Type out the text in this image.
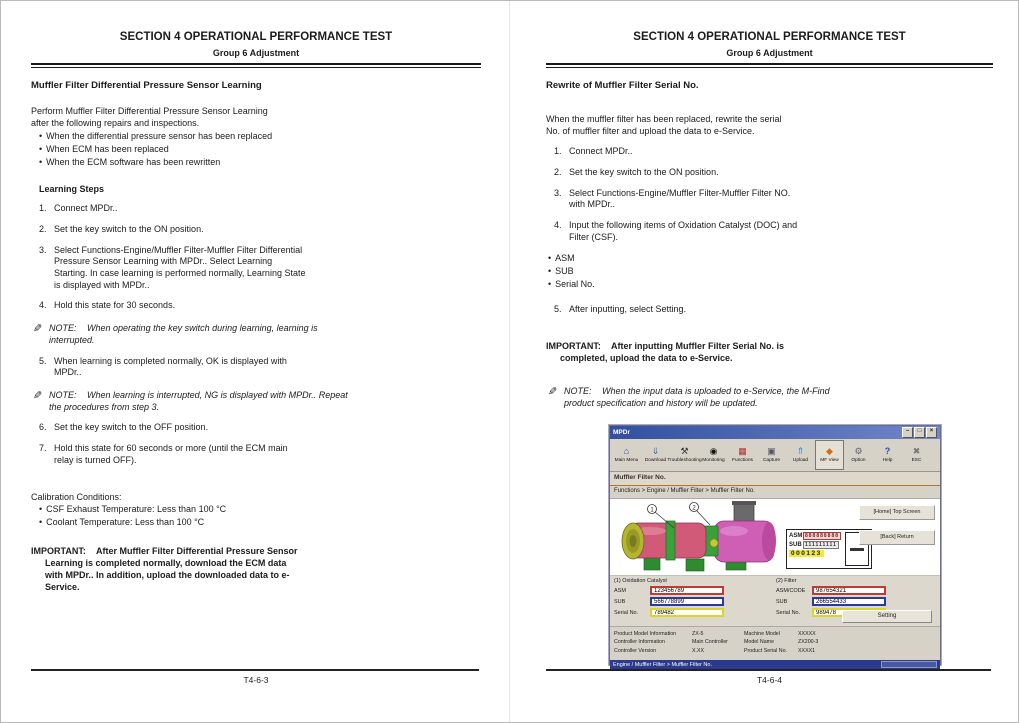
SECTION 4 OPERATIONAL PERFORMANCE TEST
Group 6 Adjustment
Muffler Filter Differential Pressure Sensor Learning
Perform Muffler Filter Differential Pressure Sensor Learning after the following repairs and inspections.
• When the differential pressure sensor has been replaced
• When ECM has been replaced
• When the ECM software has been rewritten
Learning Steps
1. Connect MPDr..
2. Set the key switch to the ON position.
3. Select Functions-Engine/Muffler Filter-Muffler Filter Differential Pressure Sensor Learning with MPDr.. Select Learning Starting. In case learning is performed normally, Learning State is displayed with MPDr..
4. Hold this state for 30 seconds.
✎
NOTE: When operating the key switch during learning, learning is interrupted.
5. When learning is completed normally, OK is displayed with MPDr..
✎
NOTE: When learning is interrupted, NG is displayed with MPDr.. Repeat the procedures from step 3.
6. Set the key switch to the OFF position.
7. Hold this state for 60 seconds or more (until the ECM main relay is turned OFF).
Calibration Conditions:
• CSF Exhaust Temperature: Less than 100 °C
• Coolant Temperature: Less than 100 °C
IMPORTANT: After Muffler Filter Differential Pressure Sensor Learning is completed normally, download the ECM data with MPDr.. In addition, upload the downloaded data to e-Service.
T4-6-3
SECTION 4 OPERATIONAL PERFORMANCE TEST
Group 6 Adjustment
Rewrite of Muffler Filter Serial No.
When the muffler filter has been replaced, rewrite the serial No. of muffler filter and upload the data to e-Service.
1. Connect MPDr..
2. Set the key switch to the ON position.
3. Select Functions-Engine/Muffler Filter-Muffler Filter NO. with MPDr..
4. Input the following items of Oxidation Catalyst (DOC) and Filter (CSF).
• ASM
• SUB
• Serial No.
5. After inputting, select Setting.
IMPORTANT: After inputting Muffler Filter Serial No. is completed, upload the data to e-Service.
✎
NOTE: When the input data is uploaded to e-Service, the M-Find product specification and history will be updated.
MPDr	–	□	×
⌂
Main Menu
⇓
Download
⚒
Troubleshooting
◉
Monitoring
▦
Functions
▣
Capture
⇑
Upload
◆
MF View
⚙
Option
?
Help
✖
ESC
Muffler Filter No.
Functions > Engine / Muffler Filter > Muffler Filter No.
1	2
ASM 888888888
SUB 111111111
000123
[Home] Top Screen
[Back] Return
(1) Oxidation Catalyst
ASM
123456789
SUB
566778899
Serial No.
789482
(2) Filter
ASM/CODE
987654321
SUB
266554433
Serial No.
989478
Setting
Product Model Information	ZX-5	Machine Model	XXXXX
Controller Information	Main Controller	Model Name	ZX200-3
Controller Version	X.XX	Product Serial No.	XXXX1
Engine / Muffler Filter > Muffler Filter No.
T4-6-4
